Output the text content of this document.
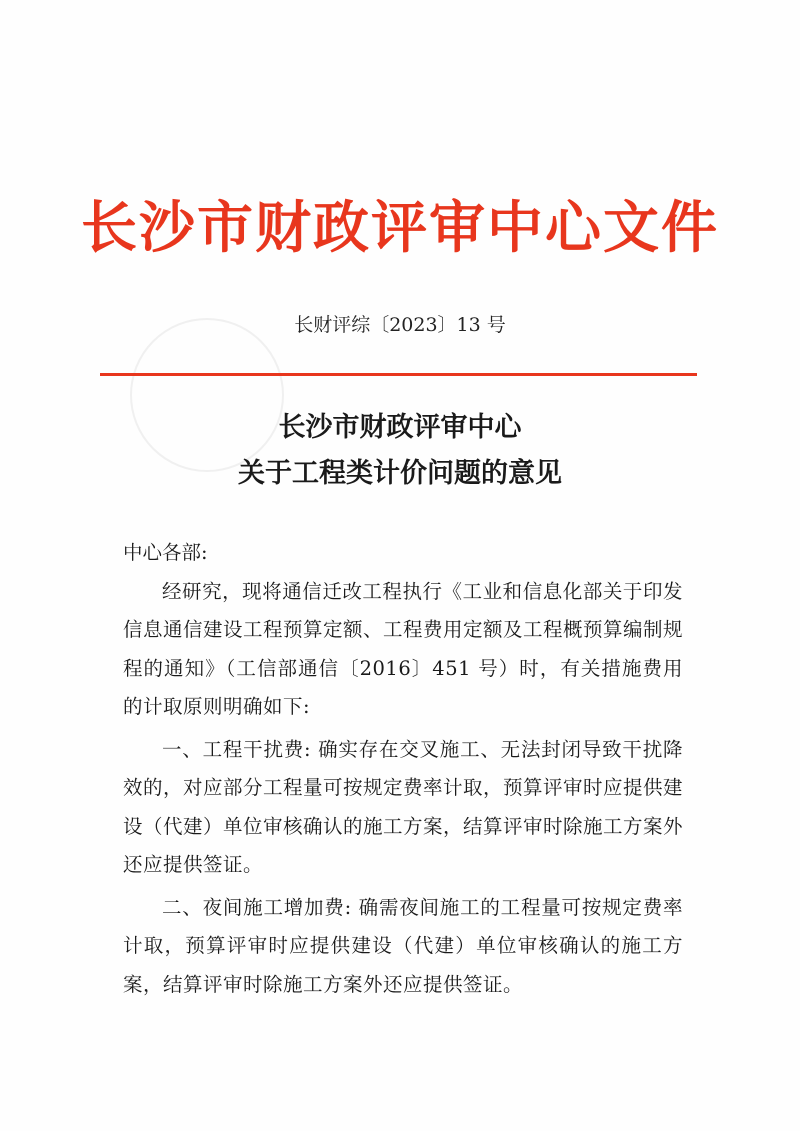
长沙市财政评审中心文件
长财评综〔2023〕13 号
长沙市财政评审中心
关于工程类计价问题的意见

中心各部:

经研究，现将通信迁改工程执行《工业和信息化部关于印发信息通信建设工程预算定额、工程费用定额及工程概预算编制规程的通知》（工信部通信〔2016〕451 号）时，有关措施费用的计取原则明确如下:

一、工程干扰费: 确实存在交叉施工、无法封闭导致干扰降效的，对应部分工程量可按规定费率计取，预算评审时应提供建设（代建）单位审核确认的施工方案，结算评审时除施工方案外还应提供签证。

二、夜间施工增加费: 确需夜间施工的工程量可按规定费率计取，预算评审时应提供建设（代建）单位审核确认的施工方案，结算评审时除施工方案外还应提供签证。
